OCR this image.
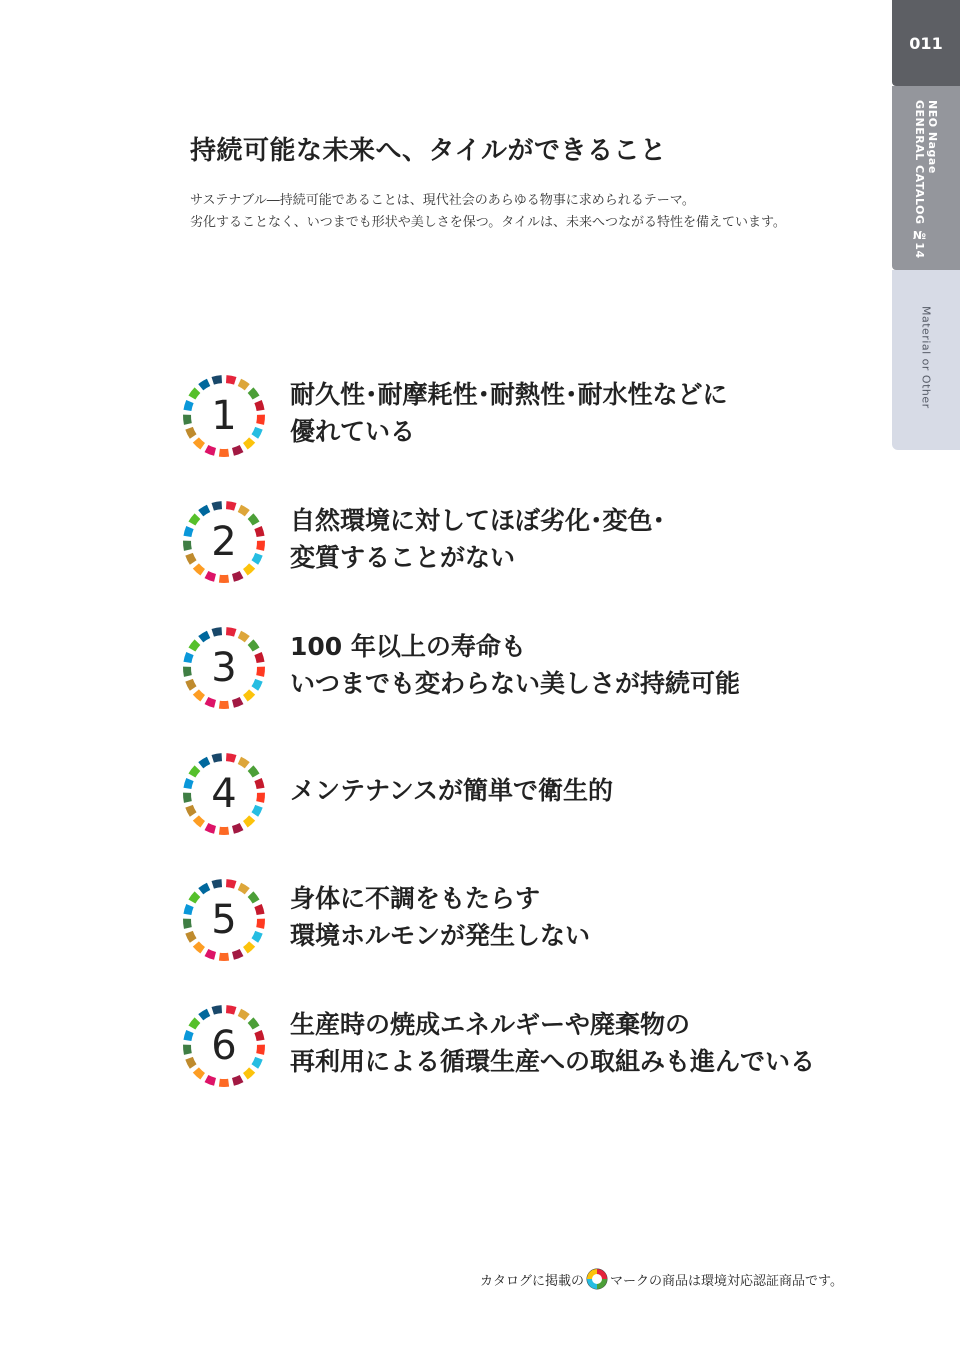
011
NEO Nagae
GENERAL CATALOG №14
Material or Other
持続可能な未来へ、タイルができること

サステナブル―持続可能であることは、現代社会のあらゆる物事に求められるテーマ。

劣化することなく、いつまでも形状や美しさを保つ。タイルは、未来へつながる特性を備えています。

1	耐久性･耐摩耗性･耐熱性･耐水性などに

優れている

2	自然環境に対してほぼ劣化･変色･

変質することがない

3	100 年以上の寿命も

いつまでも変わらない美しさが持続可能

4	メンテナンスが簡単で衛生的

5	身体に不調をもたらす

環境ホルモンが発生しない

6	生産時の焼成エネルギーや廃棄物の

再利用による循環生産への取組みも進んでいる

カタログに掲載の マークの商品は環境対応認証商品です。
